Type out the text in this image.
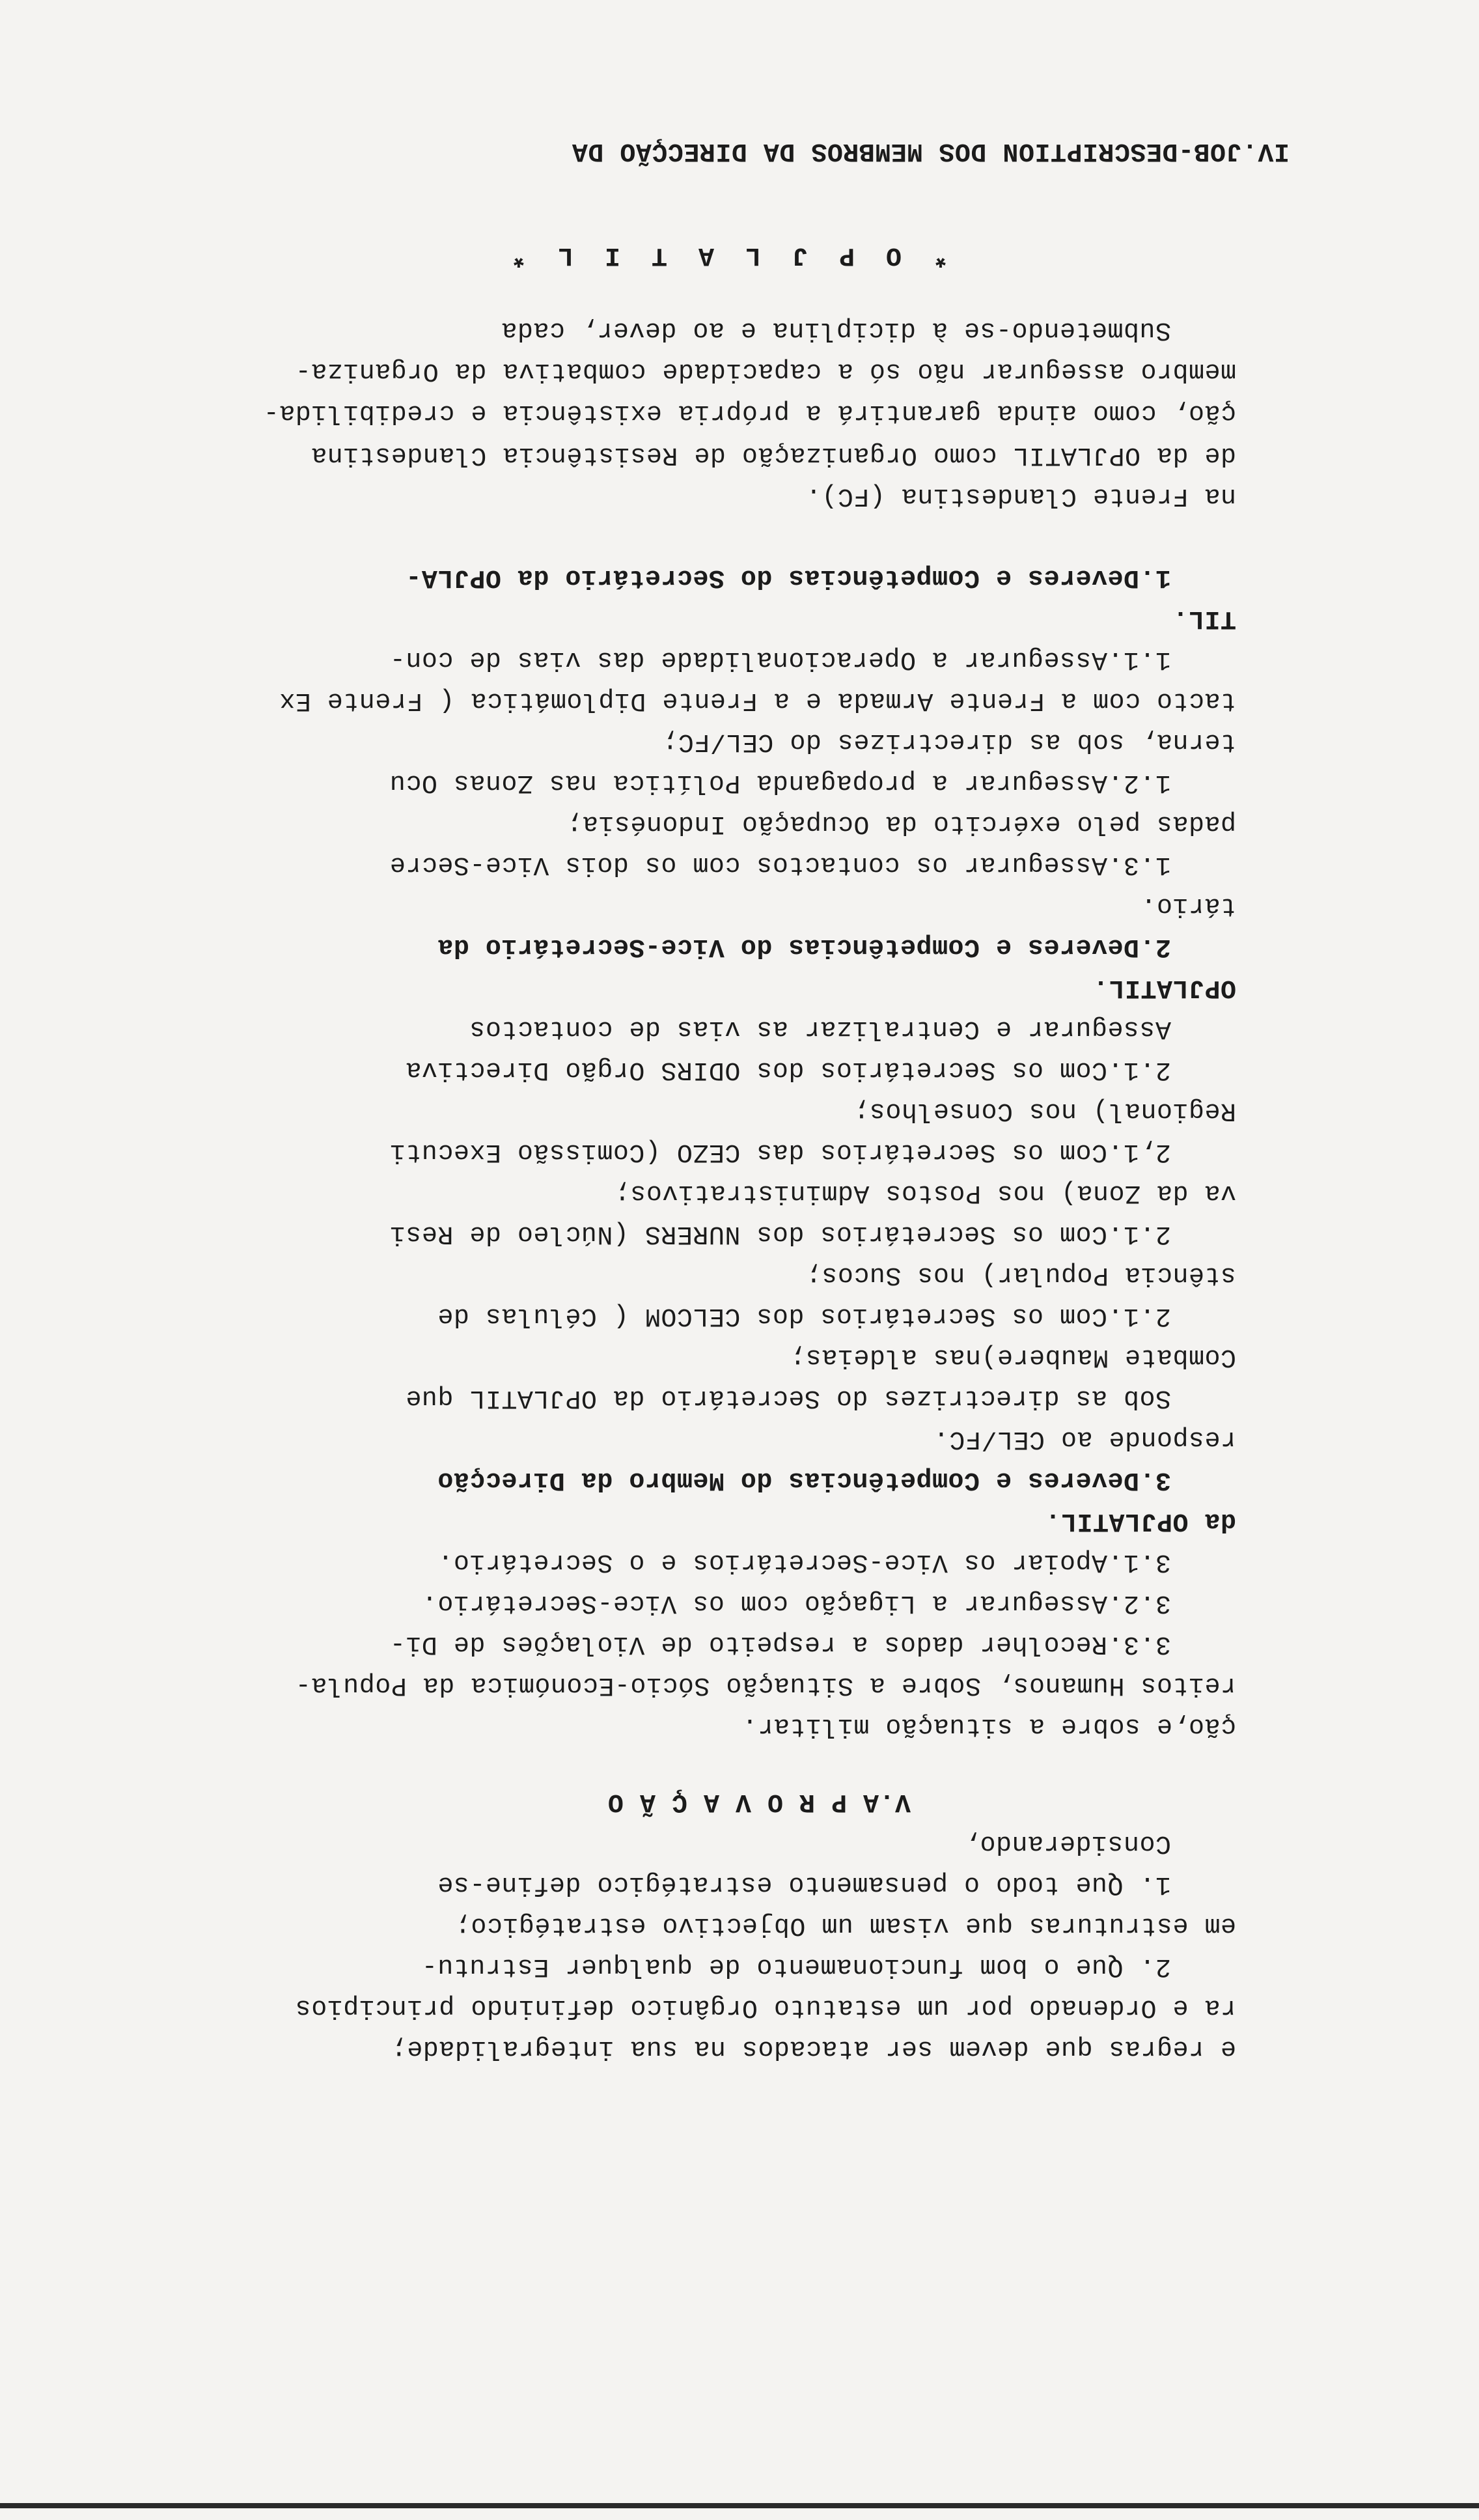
IV.JOB-DESCRIPTION DOS MEMBROS DA DIRECÇÃO DA
* O P J L A T I L *
Submetendo-se à diciplina e ao dever, cada
membro assegurar não só a capacidade combativa da Organiza-
ção, como ainda garantirá a própria existência e credibilida-
de da OPJLATIL como Organização de Resistência Clandestina
na Frente Clandestina (FC).
1.Deveres e Competências do Secretário da OPJLA-
TIL.
1.1.Assegurar a Operacionalidade das vias de con-
tacto com a Frente Armada e a Frente Diplomática ( Frente Ex
terna, sob as directrizes do CEL/FC;
1.2.Assegurar a propaganda Política nas Zonas Ocu
padas pelo exército da Ocupação Indonésia;
1.3.Assegurar os contactos com os dois Vice-Secre
tário.
2.Deveres e Competências do Vice-Secretário da
OPJLATIL.
Assegurar e Centralizar as vias de contactos
2.1.Com os Secretários dos ODIRS Orgão Directiva
Regional) nos Conselhos;
2,1.Com os Secretários das CEZO (Comissão Executi
va da Zona) nos Postos Administrativos;
2.1.Com os Secretários dos NURERS (Núcleo de Resi
stência Popular) nos Sucos;
2.1.Com os Secretários dos CELCOM ( Células de
Combate Maubere)nas aldeias;
Sob as directrizes do Secretário da OPJLATIL que
responde ao CEL/FC.
3.Deveres e Competências do Membro da Direcção
da OPJLATIL.
3.1.Apoiar os Vice-Secretários e o Secretário.
3.2.Assegurar a Ligação com os Vice-Secretário.
3.3.Recolher dados a respeito de Violações de Di-
reitos Humanos, Sobre a Situação Sócio-Económica da Popula-
ção,e sobre a situação militar.
V.A P R O V A Ç Ã O
Considerando,
1. Que todo o pensamento estratégico define-se
em estruturas que visam um Objectivo estratégico;
2. Que o bom funcionamento de qualquer Estrutu-
ra e Ordenado por um estatuto Orgânico definindo principios
e regras que devem ser atacados na sua integralidade;
